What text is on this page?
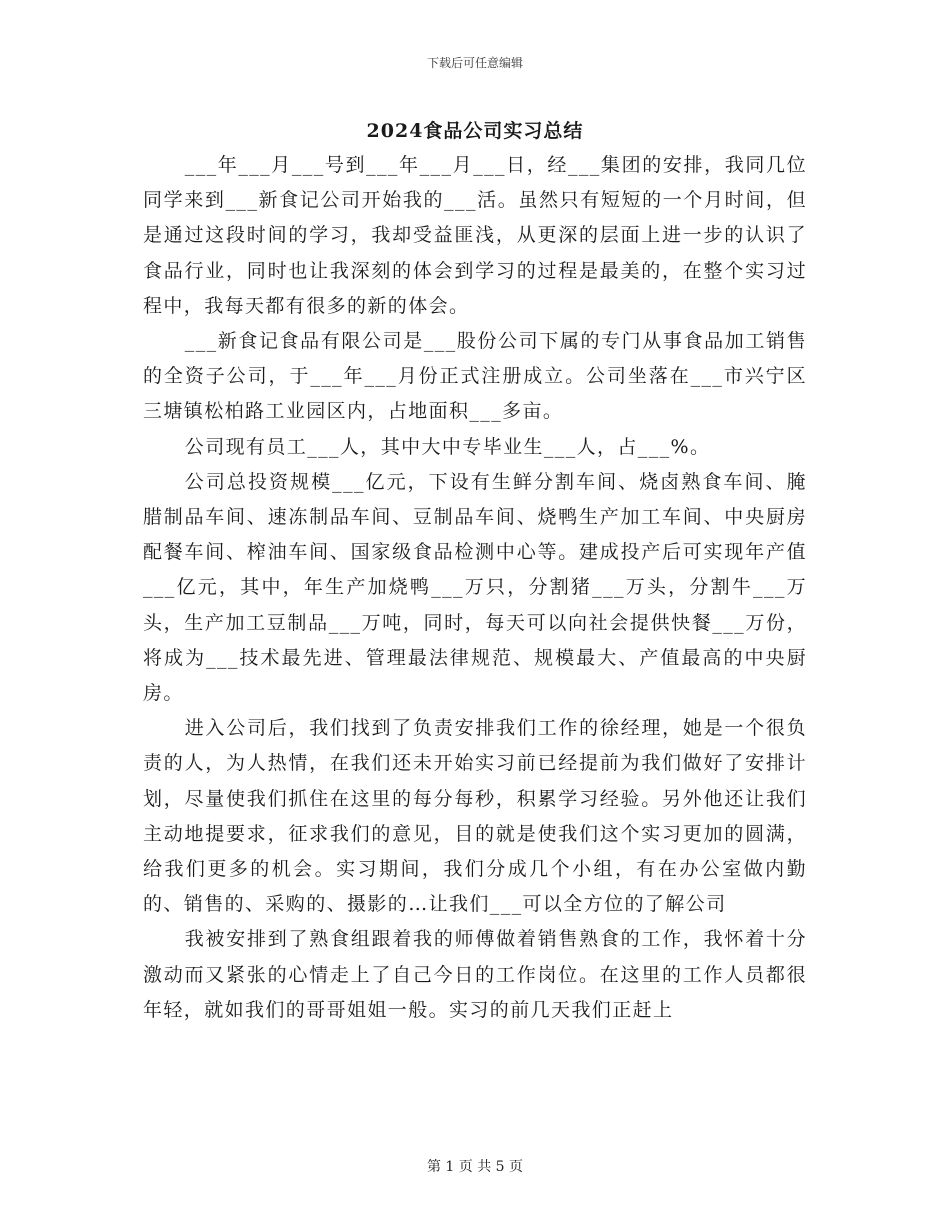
下载后可任意编辑
2024食品公司实习总结

___年___月___号到___年___月___日，经___集团的安排，我同几位同学来到___新食记公司开始我的___活。虽然只有短短的一个月时间，但是通过这段时间的学习，我却受益匪浅，从更深的层面上进一步的认识了食品行业，同时也让我深刻的体会到学习的过程是最美的，在整个实习过程中，我每天都有很多的新的体会。

___新食记食品有限公司是___股份公司下属的专门从事食品加工销售的全资子公司，于___年___月份正式注册成立。公司坐落在___市兴宁区三塘镇松柏路工业园区内，占地面积___多亩。

公司现有员工___人，其中大中专毕业生___人，占___%。

公司总投资规模___亿元，下设有生鲜分割车间、烧卤熟食车间、腌腊制品车间、速冻制品车间、豆制品车间、烧鸭生产加工车间、中央厨房配餐车间、榨油车间、国家级食品检测中心等。建成投产后可实现年产值___亿元，其中，年生产加烧鸭___万只，分割猪___万头，分割牛___万头，生产加工豆制品___万吨，同时，每天可以向社会提供快餐___万份，将成为___技术最先进、管理最法律规范、规模最大、产值最高的中央厨房。

进入公司后，我们找到了负责安排我们工作的徐经理，她是一个很负责的人，为人热情，在我们还未开始实习前已经提前为我们做好了安排计划，尽量使我们抓住在这里的每分每秒，积累学习经验。另外他还让我们主动地提要求，征求我们的意见，目的就是使我们这个实习更加的圆满，给我们更多的机会。实习期间，我们分成几个小组，有在办公室做内勤的、销售的、采购的、摄影的…让我们___可以全方位的了解公司

我被安排到了熟食组跟着我的师傅做着销售熟食的工作，我怀着十分激动而又紧张的心情走上了自己今日的工作岗位。在这里的工作人员都很年轻，就如我们的哥哥姐姐一般。实习的前几天我们正赶上

第 1 页 共 5 页
